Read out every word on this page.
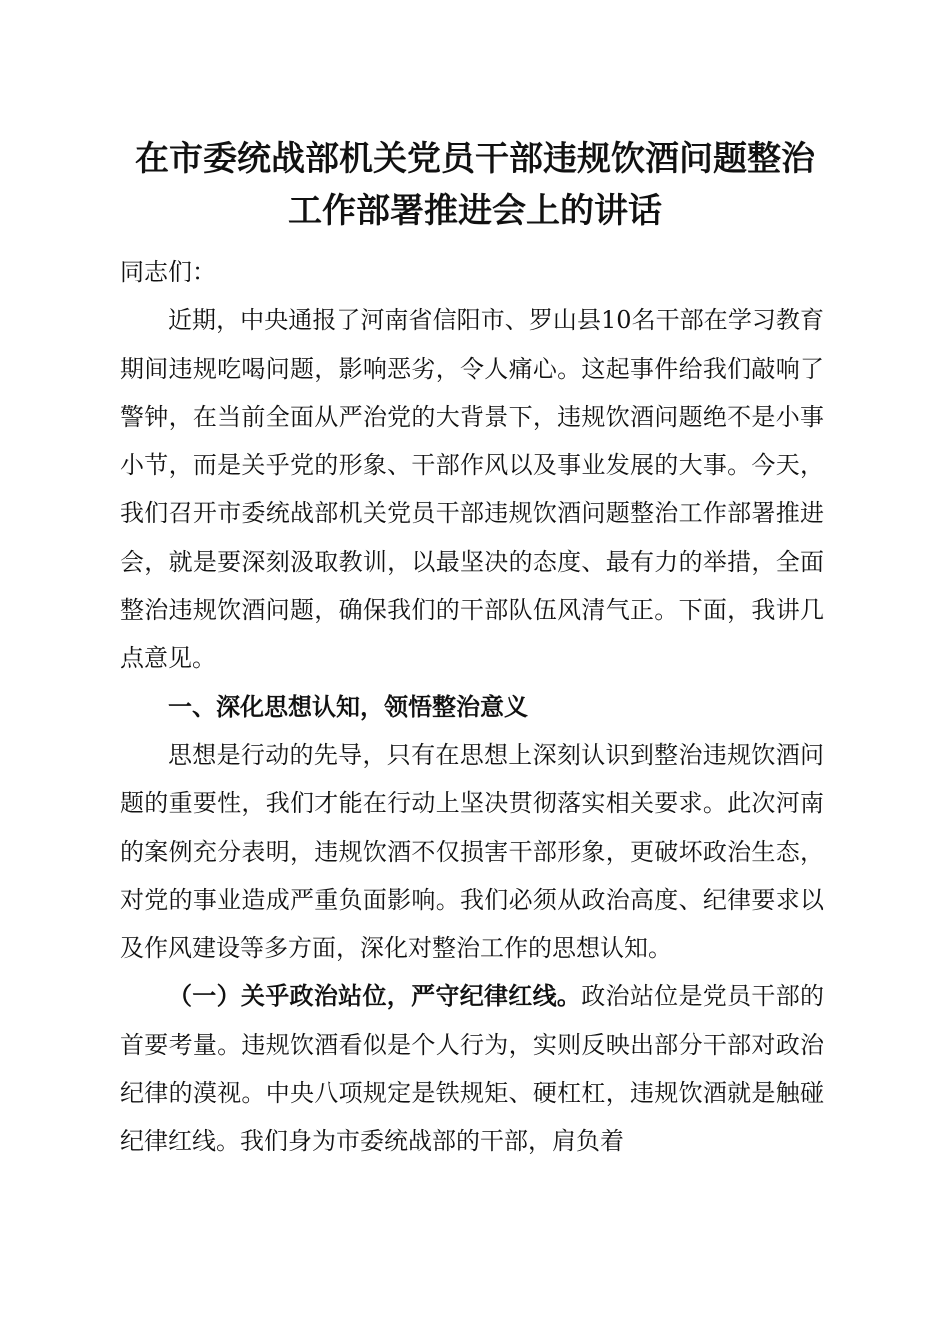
在市委统战部机关党员干部违规饮酒问题整治
工作部署推进会上的讲话

同志们：

近期，中央通报了河南省信阳市、罗山县10名干部在学习教育期间违规吃喝问题，影响恶劣，令人痛心。这起事件给我们敲响了警钟，在当前全面从严治党的大背景下，违规饮酒问题绝不是小事小节，而是关乎党的形象、干部作风以及事业发展的大事。今天，我们召开市委统战部机关党员干部违规饮酒问题整治工作部署推进会，就是要深刻汲取教训，以最坚决的态度、最有力的举措，全面整治违规饮酒问题，确保我们的干部队伍风清气正。下面，我讲几点意见。

一、深化思想认知，领悟整治意义

思想是行动的先导，只有在思想上深刻认识到整治违规饮酒问题的重要性，我们才能在行动上坚决贯彻落实相关要求。此次河南的案例充分表明，违规饮酒不仅损害干部形象，更破坏政治生态，对党的事业造成严重负面影响。我们必须从政治高度、纪律要求以及作风建设等多方面，深化对整治工作的思想认知。

（一）关乎政治站位，严守纪律红线。政治站位是党员干部的首要考量。违规饮酒看似是个人行为，实则反映出部分干部对政治纪律的漠视。中央八项规定是铁规矩、硬杠杠，违规饮酒就是触碰纪律红线。我们身为市委统战部的干部，肩负着
